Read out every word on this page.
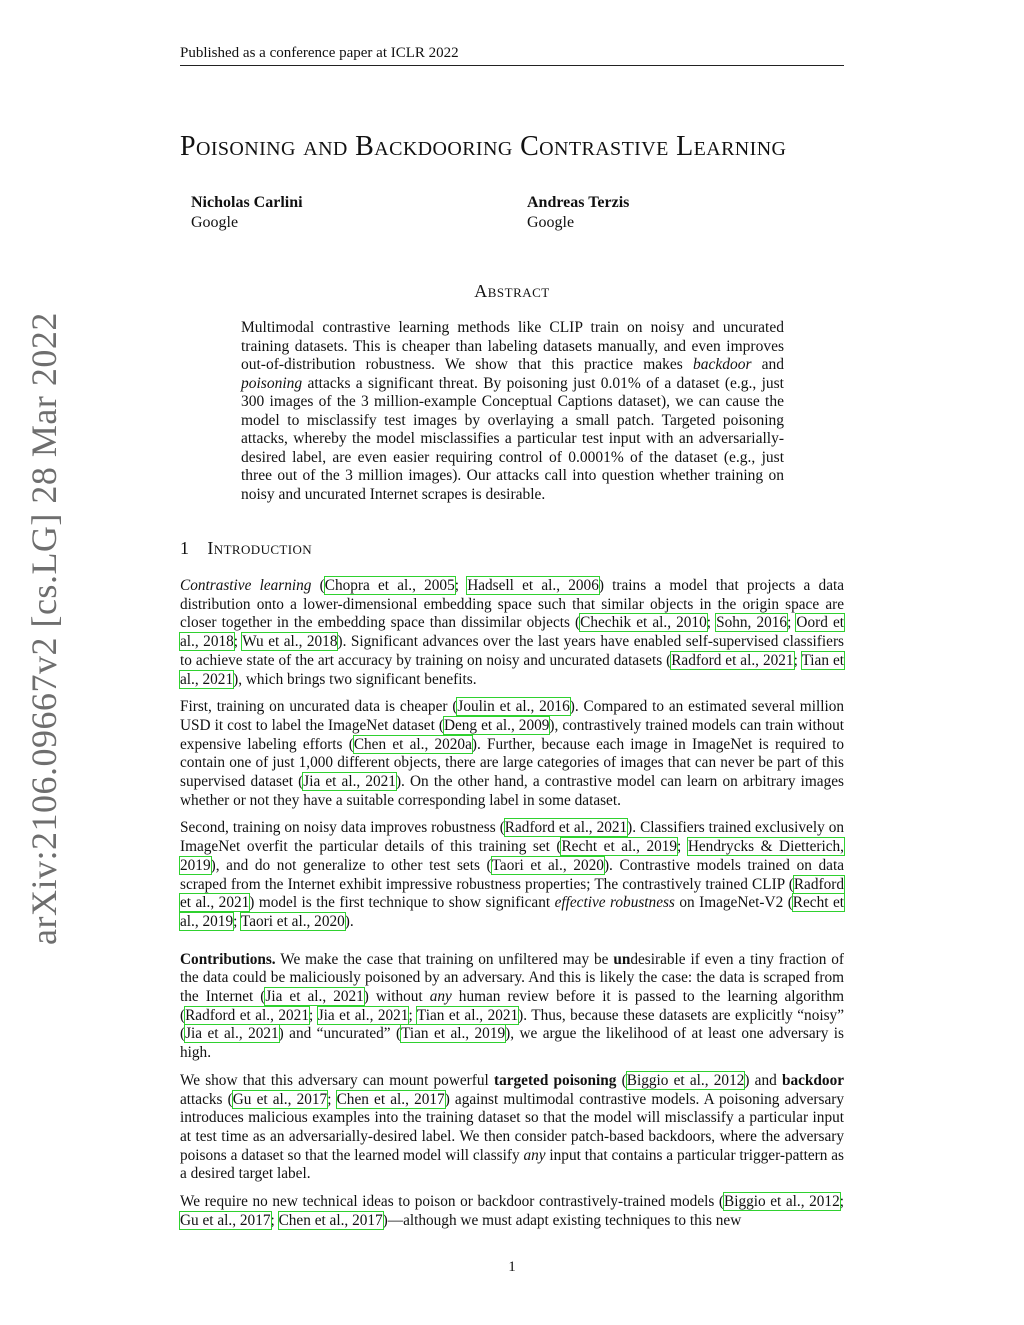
Published as a conference paper at ICLR 2022
arXiv:2106.09667v2 [cs.LG] 28 Mar 2022
Poisoning and Backdooring Contrastive Learning
Nicholas Carlini
Google
Andreas Terzis
Google
Abstract
Multimodal contrastive learning methods like CLIP train on noisy and uncurated training datasets. This is cheaper than labeling datasets manually, and even improves out-of-distribution robustness. We show that this practice makes backdoor and poisoning attacks a significant threat. By poisoning just 0.01% of a dataset (e.g., just 300 images of the 3 million-example Conceptual Captions dataset), we can cause the model to misclassify test images by overlaying a small patch. Targeted poisoning attacks, whereby the model misclassifies a particular test input with an adversarially-desired label, are even easier requiring control of 0.0001% of the dataset (e.g., just three out of the 3 million images). Our attacks call into question whether training on noisy and uncurated Internet scrapes is desirable.
1 Introduction

Contrastive learning (Chopra et al., 2005; Hadsell et al., 2006) trains a model that projects a data distribution onto a lower-dimensional embedding space such that similar objects in the origin space are closer together in the embedding space than dissimilar objects (Chechik et al., 2010; Sohn, 2016; Oord et al., 2018; Wu et al., 2018). Significant advances over the last years have enabled self-supervised classifiers to achieve state of the art accuracy by training on noisy and uncurated datasets (Radford et al., 2021; Tian et al., 2021), which brings two significant benefits.

First, training on uncurated data is cheaper (Joulin et al., 2016). Compared to an estimated several million USD it cost to label the ImageNet dataset (Deng et al., 2009), contrastively trained models can train without expensive labeling efforts (Chen et al., 2020a). Further, because each image in ImageNet is required to contain one of just 1,000 different objects, there are large categories of images that can never be part of this supervised dataset (Jia et al., 2021). On the other hand, a contrastive model can learn on arbitrary images whether or not they have a suitable corresponding label in some dataset.

Second, training on noisy data improves robustness (Radford et al., 2021). Classifiers trained exclusively on ImageNet overfit the particular details of this training set (Recht et al., 2019; Hendrycks & Dietterich, 2019), and do not generalize to other test sets (Taori et al., 2020). Contrastive models trained on data scraped from the Internet exhibit impressive robustness properties; The contrastively trained CLIP (Radford et al., 2021) model is the first technique to show significant effective robustness on ImageNet-V2 (Recht et al., 2019; Taori et al., 2020).

Contributions. We make the case that training on unfiltered may be undesirable if even a tiny fraction of the data could be maliciously poisoned by an adversary. And this is likely the case: the data is scraped from the Internet (Jia et al., 2021) without any human review before it is passed to the learning algorithm (Radford et al., 2021; Jia et al., 2021; Tian et al., 2021). Thus, because these datasets are explicitly “noisy” (Jia et al., 2021) and “uncurated” (Tian et al., 2019), we argue the likelihood of at least one adversary is high.

We show that this adversary can mount powerful targeted poisoning (Biggio et al., 2012) and backdoor attacks (Gu et al., 2017; Chen et al., 2017) against multimodal contrastive models. A poisoning adversary introduces malicious examples into the training dataset so that the model will misclassify a particular input at test time as an adversarially-desired label. We then consider patch-based backdoors, where the adversary poisons a dataset so that the learned model will classify any input that contains a particular trigger-pattern as a desired target label.

We require no new technical ideas to poison or backdoor contrastively-trained models (Biggio et al., 2012; Gu et al., 2017; Chen et al., 2017)—although we must adapt existing techniques to this new

1
